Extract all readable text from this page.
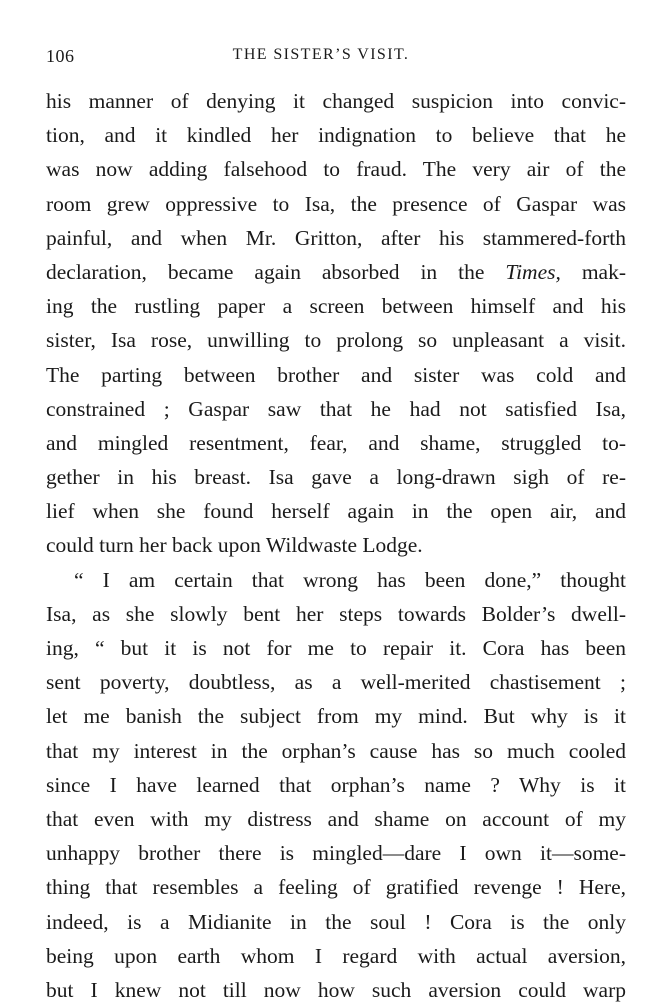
106	THE SISTER’S VISIT.
his manner of denying it changed suspicion into convic-
tion, and it kindled her indignation to believe that he
was now adding falsehood to fraud. The very air of the
room grew oppressive to Isa, the presence of Gaspar was
painful, and when Mr. Gritton, after his stammered-forth
declaration, became again absorbed in the Times, mak-
ing the rustling paper a screen between himself and his
sister, Isa rose, unwilling to prolong so unpleasant a visit.
The parting between brother and sister was cold and
constrained ; Gaspar saw that he had not satisfied Isa,
and mingled resentment, fear, and shame, struggled to-
gether in his breast. Isa gave a long-drawn sigh of re-
lief when she found herself again in the open air, and
could turn her back upon Wildwaste Lodge.
“ I am certain that wrong has been done,” thought
Isa, as she slowly bent her steps towards Bolder’s dwell-
ing, “ but it is not for me to repair it. Cora has been
sent poverty, doubtless, as a well-merited chastisement ;
let me banish the subject from my mind. But why is it
that my interest in the orphan’s cause has so much cooled
since I have learned that orphan’s name ? Why is it
that even with my distress and shame on account of my
unhappy brother there is mingled—dare I own it—some-
thing that resembles a feeling of gratified revenge ! Here,
indeed, is a Midianite in the soul ! Cora is the only
being upon earth whom I regard with actual aversion,
but I knew not till now how such aversion could warp
